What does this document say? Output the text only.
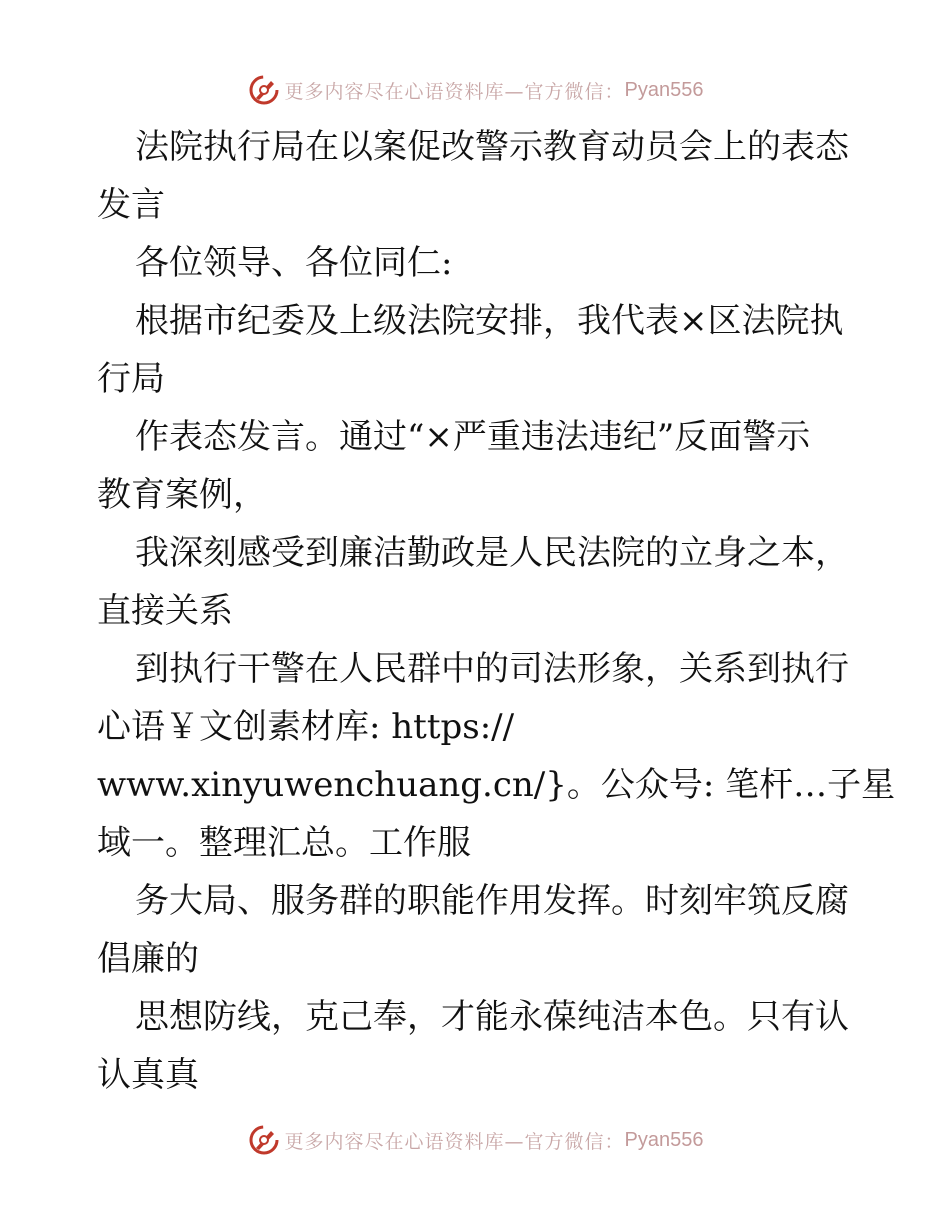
更多内容尽在心语资料库—官方微信： Pyan556
法院执行局在以案促改警示教育动员会上的表态
发言
各位领导、各位同仁:
根据市纪委及上级法院安排，我代表×区法院执
行局
作表态发言。通过“×严重违法违纪”反面警示
教育案例，
我深刻感受到廉洁勤政是人民法院的立身之本，
直接关系
到执行干警在人民群中的司法形象，关系到执行
心语￥文创素材库: https://
www.xinyuwenchuang.cn/}。公众号: 笔杆…子星
域一。整理汇总。工作服
务大局、服务群的职能作用发挥。时刻牢筑反腐
倡廉的
思想防线，克己奉，才能永葆纯洁本色。只有认
认真真
更多内容尽在心语资料库—官方微信： Pyan556
